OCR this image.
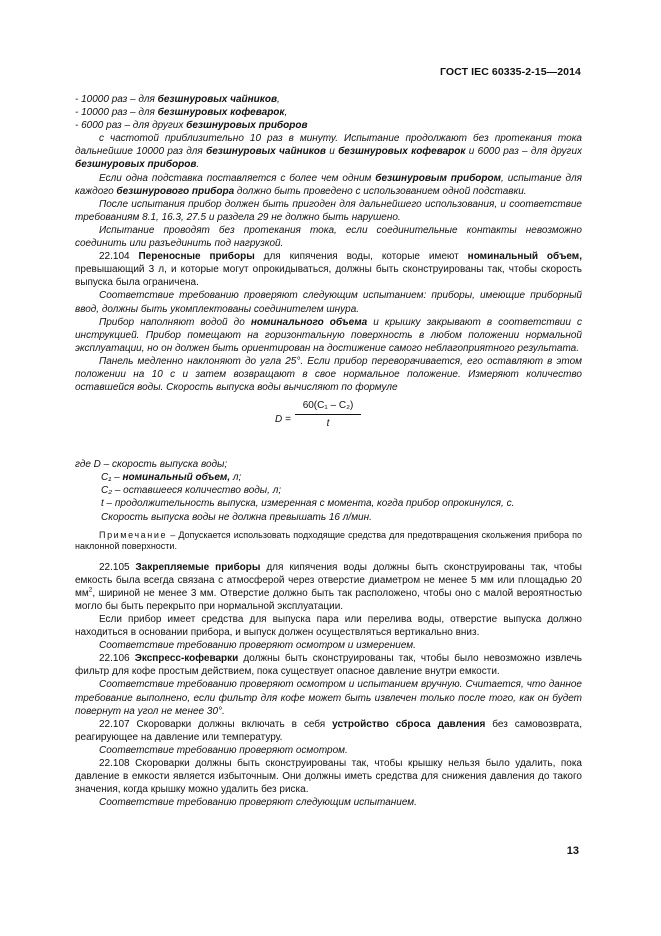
ГОСТ IEC 60335-2-15—2014

- 10000 раз – для безшнуровых чайников,

- 10000 раз – для безшнуровых кофеварок,

- 6000 раз – для других безшнуровых приборов

с частотой приблизительно 10 раз в минуту. Испытание продолжают без протекания тока дальнейшие 10000 раз для безшнуровых чайников и безшнуровых кофеварок и 6000 раз – для других безшнуровых приборов.

Если одна подставка поставляется с более чем одним безшнуровым прибором, испытание для каждого безшнурового прибора должно быть проведено с использованием одной подставки.

После испытания прибор должен быть пригоден для дальнейшего использования, и соответствие требованиям 8.1, 16.3, 27.5 и раздела 29 не должно быть нарушено.

Испытание проводят без протекания тока, если соединительные контакты невозможно соединить или разъединить под нагрузкой.

22.104 Переносные приборы для кипячения воды, которые имеют номинальный объем, превышающий 3 л, и которые могут опрокидываться, должны быть сконструированы так, чтобы скорость выпуска была ограничена.

Соответствие требованию проверяют следующим испытанием: приборы, имеющие приборный ввод, должны быть укомплектованы соединителем шнура.

Прибор наполняют водой до номинального объема и крышку закрывают в соответствии с инструкцией. Прибор помещают на горизонтальную поверхность в любом положении нормальной эксплуатации, но он должен быть ориентирован на достижение самого неблагоприятного результата.

Панель медленно наклоняют до угла 25°. Если прибор переворачивается, его оставляют в этом положении на 10 с и затем возвращают в свое нормальное положение. Измеряют количество оставшейся воды. Скорость выпуска воды вычисляют по формуле

D =
60(C₁ – C₂)
t

где D – скорость выпуска воды;

C₁ – номинальный объем, л;

C₂ – оставшееся количество воды, л;

t – продолжительность выпуска, измеренная с момента, когда прибор опрокинулся, с.

Скорость выпуска воды не должна превышать 16 л/мин.

Примечание – Допускается использовать подходящие средства для предотвращения скольжения прибора по наклонной поверхности.

22.105 Закрепляемые приборы для кипячения воды должны быть сконструированы так, чтобы емкость была всегда связана с атмосферой через отверстие диаметром не менее 5 мм или площадью 20 $мм^2$, шириной не менее 3 мм. Отверстие должно быть так расположено, чтобы оно с малой вероятностью могло бы быть перекрыто при нормальной эксплуатации.

Если прибор имеет средства для выпуска пара или перелива воды, отверстие выпуска должно находиться в основании прибора, и выпуск должен осуществляться вертикально вниз.

Соответствие требованию проверяют осмотром и измерением.

22.106 Экспресс-кофеварки должны быть сконструированы так, чтобы было невозможно извлечь фильтр для кофе простым действием, пока существует опасное давление внутри емкости.

Соответствие требованию проверяют осмотром и испытанием вручную. Считается, что данное требование выполнено, если фильтр для кофе может быть извлечен только после того, как он будет повернут на угол не менее 30°.

22.107 Скороварки должны включать в себя устройство сброса давления без самовозврата, реагирующее на давление или температуру.

Соответствие требованию проверяют осмотром.

22.108 Скороварки должны быть сконструированы так, чтобы крышку нельзя было удалить, пока давление в емкости является избыточным. Они должны иметь средства для снижения давления до такого значения, когда крышку можно удалить без риска.

Соответствие требованию проверяют следующим испытанием.

13
